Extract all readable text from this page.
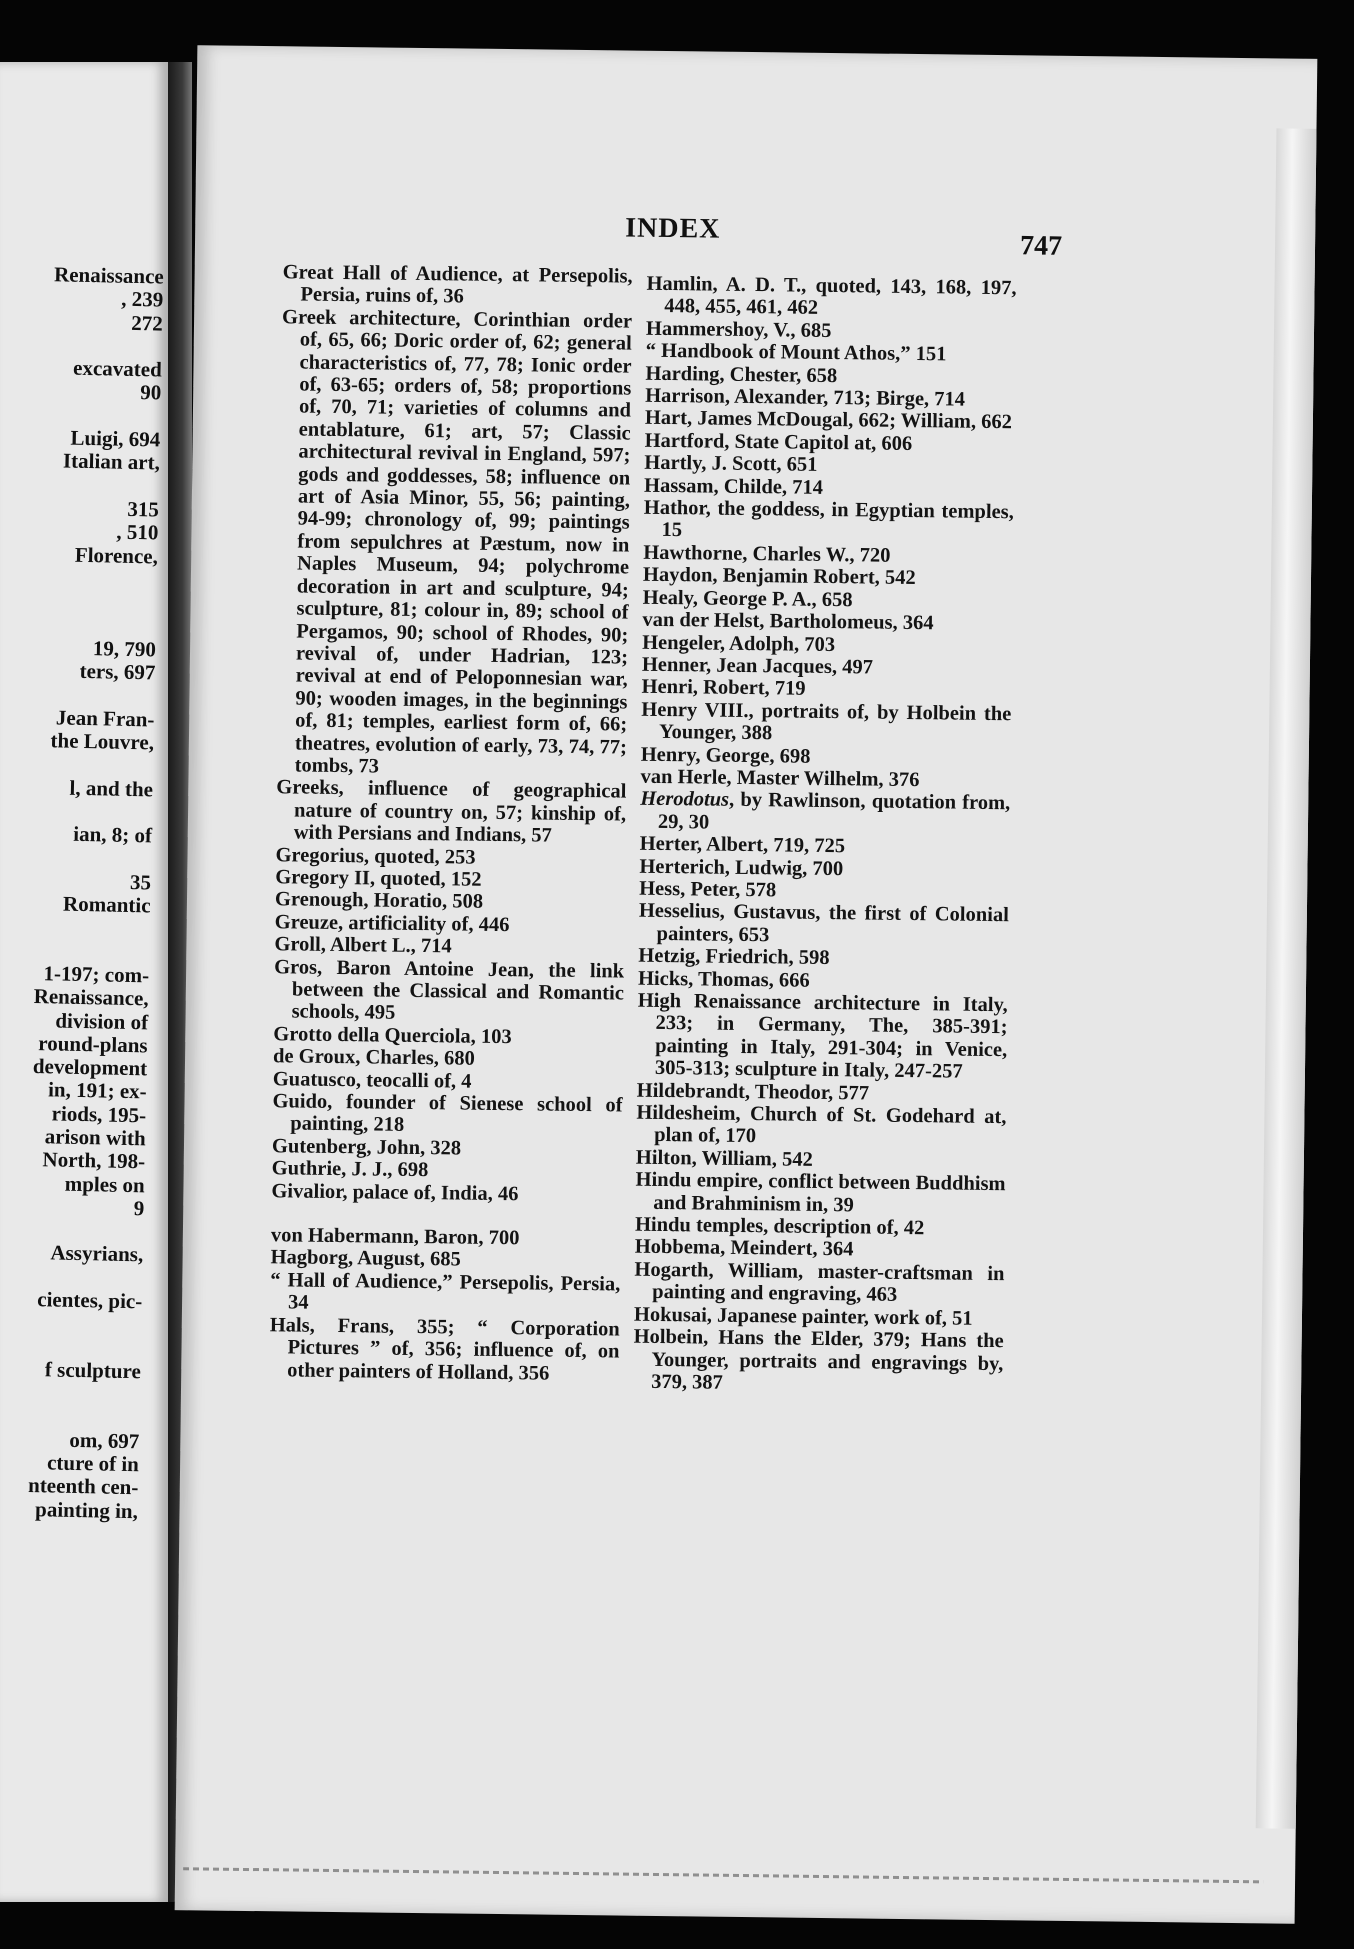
Renaissance
, 239
272
excavated
90
Luigi, 694
Italian art,
315
, 510
Florence,
19, 790
ters, 697
Jean Fran-
the Louvre,
l, and the
ian, 8; of
35
Romantic
1-197; com-
Renaissance,
division of
round-plans
development
in, 191; ex-
riods, 195-
arison with
North, 198-
mples on
9
Assyrians,
cientes, pic-
f sculpture
om, 697
cture of in
nteenth cen-
painting in,
INDEX
747

Great Hall of Audience, at Persepolis, Persia, ruins of, 36

Greek architecture, Corinthian order of, 65, 66; Doric order of, 62; general characteristics of, 77, 78; Ionic order of, 63-65; orders of, 58; proportions of, 70, 71; varieties of columns and entablature, 61; art, 57; Classic architectural revival in England, 597; gods and goddesses, 58; influence on art of Asia Minor, 55, 56; painting, 94-99; chronology of, 99; paintings from sepulchres at Pæstum, now in Naples Museum, 94; polychrome decoration in art and sculpture, 94; sculpture, 81; colour in, 89; school of Pergamos, 90; school of Rhodes, 90; revival of, under Hadrian, 123; revival at end of Peloponnesian war, 90; wooden images, in the beginnings of, 81; temples, earliest form of, 66; theatres, evolution of early, 73, 74, 77; tombs, 73

Greeks, influence of geographical nature of country on, 57; kinship of, with Persians and Indians, 57

Gregorius, quoted, 253

Gregory II, quoted, 152

Grenough, Horatio, 508

Greuze, artificiality of, 446

Groll, Albert L., 714

Gros, Baron Antoine Jean, the link between the Classical and Romantic schools, 495

Grotto della Querciola, 103

de Groux, Charles, 680

Guatusco, teocalli of, 4

Guido, founder of Sienese school of painting, 218

Gutenberg, John, 328

Guthrie, J. J., 698

Givalior, palace of, India, 46

von Habermann, Baron, 700

Hagborg, August, 685

“ Hall of Audience,” Persepolis, Persia, 34

Hals, Frans, 355; “ Corporation Pictures ” of, 356; influence of, on other painters of Holland, 356

Hamlin, A. D. T., quoted, 143, 168, 197, 448, 455, 461, 462

Hammershoy, V., 685

“ Handbook of Mount Athos,” 151

Harding, Chester, 658

Harrison, Alexander, 713; Birge, 714

Hart, James McDougal, 662; William, 662

Hartford, State Capitol at, 606

Hartly, J. Scott, 651

Hassam, Childe, 714

Hathor, the goddess, in Egyptian temples, 15

Hawthorne, Charles W., 720

Haydon, Benjamin Robert, 542

Healy, George P. A., 658

van der Helst, Bartholomeus, 364

Hengeler, Adolph, 703

Henner, Jean Jacques, 497

Henri, Robert, 719

Henry VIII., portraits of, by Holbein the Younger, 388

Henry, George, 698

van Herle, Master Wilhelm, 376

Herodotus, by Rawlinson, quotation from, 29, 30

Herter, Albert, 719, 725

Herterich, Ludwig, 700

Hess, Peter, 578

Hesselius, Gustavus, the first of Colonial painters, 653

Hetzig, Friedrich, 598

Hicks, Thomas, 666

High Renaissance architecture in Italy, 233; in Germany, The, 385-391; painting in Italy, 291-304; in Venice, 305-313; sculpture in Italy, 247-257

Hildebrandt, Theodor, 577

Hildesheim, Church of St. Godehard at, plan of, 170

Hilton, William, 542

Hindu empire, conflict between Buddhism and Brahminism in, 39

Hindu temples, description of, 42

Hobbema, Meindert, 364

Hogarth, William, master-craftsman in painting and engraving, 463

Hokusai, Japanese painter, work of, 51

Holbein, Hans the Elder, 379; Hans the Younger, portraits and engravings by, 379, 387
